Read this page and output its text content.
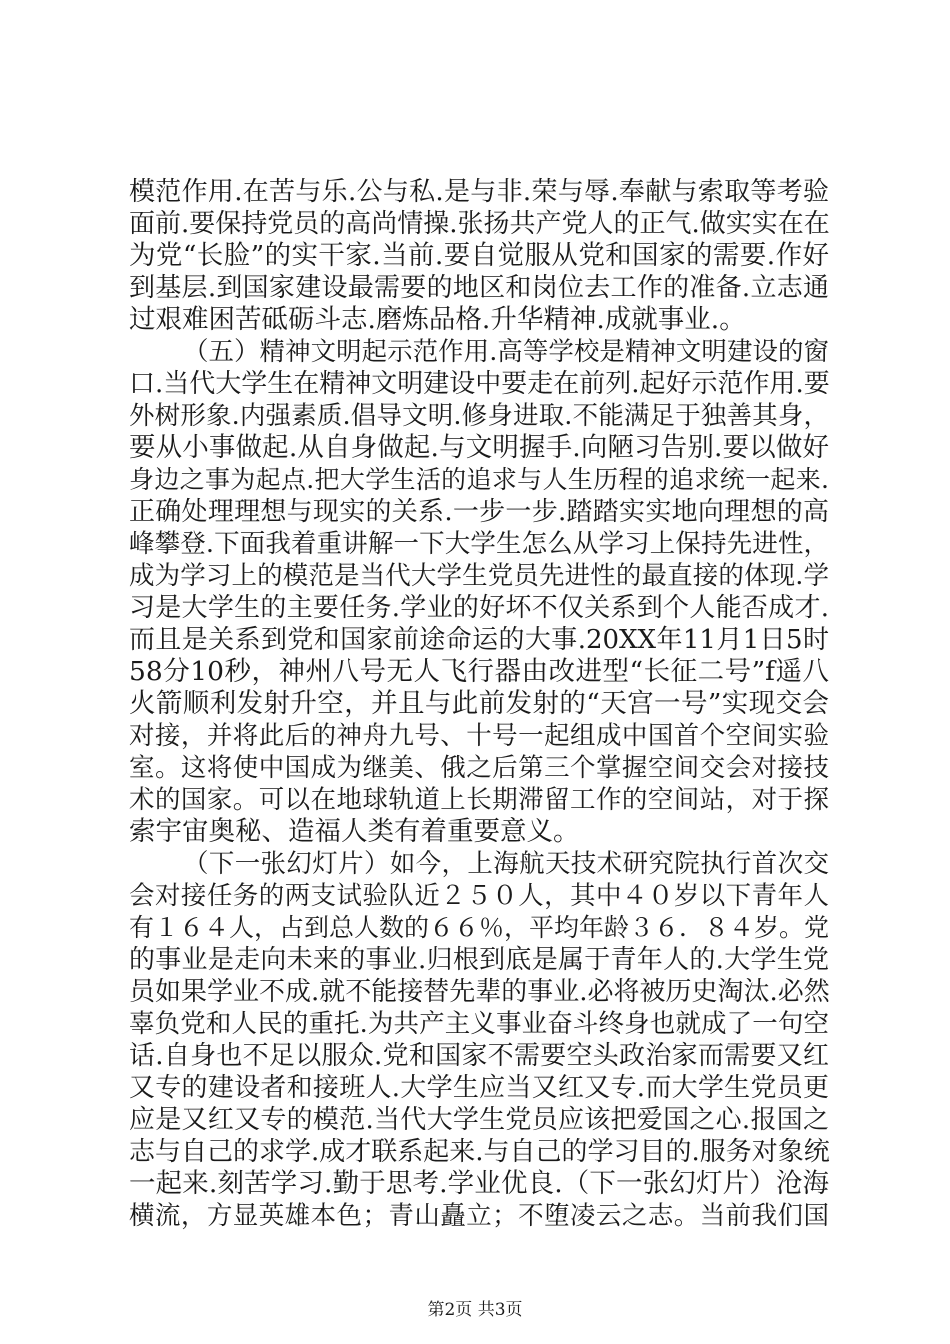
模范作用.在苦与乐.公与私.是与非.荣与辱.奉献与索取等考验
面前.要保持党员的高尚情操.张扬共产党人的正气.做实实在在
为党“长脸”的实干家.当前.要自觉服从党和国家的需要.作好
到基层.到国家建设最需要的地区和岗位去工作的准备.立志通
过艰难困苦砥砺斗志.磨炼品格.升华精神.成就事业.。
（五）精神文明起示范作用.高等学校是精神文明建设的窗
口.当代大学生在精神文明建设中要走在前列.起好示范作用.要
外树形象.内强素质.倡导文明.修身进取.不能满足于独善其身，
要从小事做起.从自身做起.与文明握手.向陋习告别.要以做好
身边之事为起点.把大学生活的追求与人生历程的追求统一起来.
正确处理理想与现实的关系.一步一步.踏踏实实地向理想的高
峰攀登.下面我着重讲解一下大学生怎么从学习上保持先进性，
成为学习上的模范是当代大学生党员先进性的最直接的体现.学
习是大学生的主要任务.学业的好坏不仅关系到个人能否成才.
而且是关系到党和国家前途命运的大事.20XX年11月1日5时
58分10秒，神州八号无人飞行器由改进型“长征二号”f遥八
火箭顺利发射升空，并且与此前发射的“天宫一号”实现交会
对接，并将此后的神舟九号、十号一起组成中国首个空间实验
室。这将使中国成为继美、俄之后第三个掌握空间交会对接技
术的国家。可以在地球轨道上长期滞留工作的空间站，对于探
索宇宙奥秘、造福人类有着重要意义。
（下一张幻灯片）如今，上海航天技术研究院执行首次交
会对接任务的两支试验队近２５０人，其中４０岁以下青年人
有１６４人，占到总人数的６６％，平均年龄３６．８４岁。党
的事业是走向未来的事业.归根到底是属于青年人的.大学生党
员如果学业不成.就不能接替先辈的事业.必将被历史淘汰.必然
辜负党和人民的重托.为共产主义事业奋斗终身也就成了一句空
话.自身也不足以服众.党和国家不需要空头政治家而需要又红
又专的建设者和接班人.大学生应当又红又专.而大学生党员更
应是又红又专的模范.当代大学生党员应该把爱国之心.报国之
志与自己的求学.成才联系起来.与自己的学习目的.服务对象统
一起来.刻苦学习.勤于思考.学业优良.（下一张幻灯片）沧海
横流，方显英雄本色；青山矗立；不堕凌云之志。当前我们国
第2页 共3页
